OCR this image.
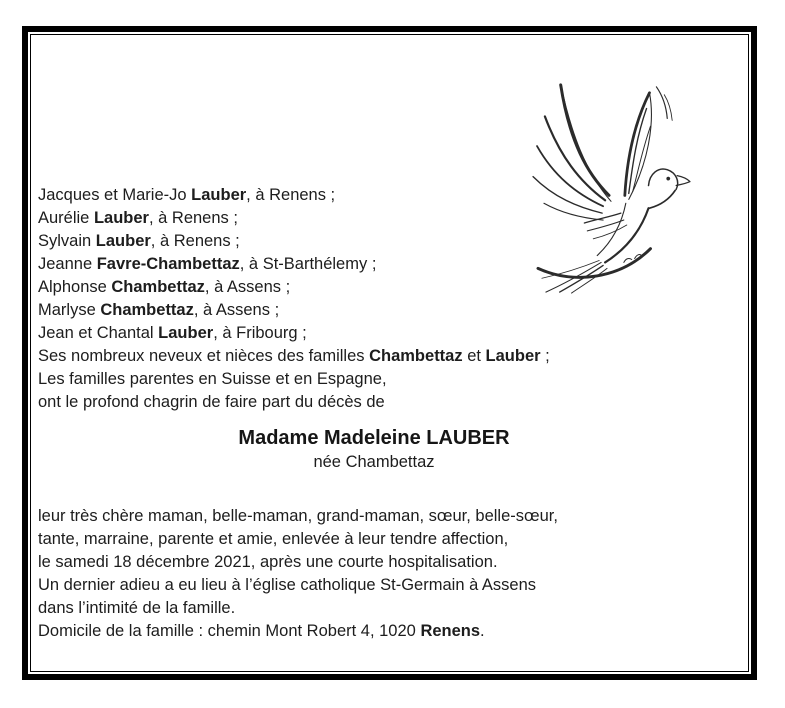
Jacques et Marie-Jo Lauber, à Renens ;
Aurélie Lauber, à Renens ;
Sylvain Lauber, à Renens ;
Jeanne Favre-Chambettaz, à St-Barthélemy ;
Alphonse Chambettaz, à Assens ;
Marlyse Chambettaz, à Assens ;
Jean et Chantal Lauber, à Fribourg ;
Ses nombreux neveux et nièces des familles Chambettaz et Lauber ;
Les familles parentes en Suisse et en Espagne,
ont le profond chagrin de faire part du décès de
Madame Madeleine LAUBER
née Chambettaz
leur très chère maman, belle-maman, grand-maman, sœur, belle-sœur,
tante, marraine, parente et amie, enlevée à leur tendre affection,
le samedi 18 décembre 2021, après une courte hospitalisation.
Un dernier adieu a eu lieu à l’église catholique St-Germain à Assens
dans l’intimité de la famille.
Domicile de la famille : chemin Mont Robert 4, 1020 Renens.
